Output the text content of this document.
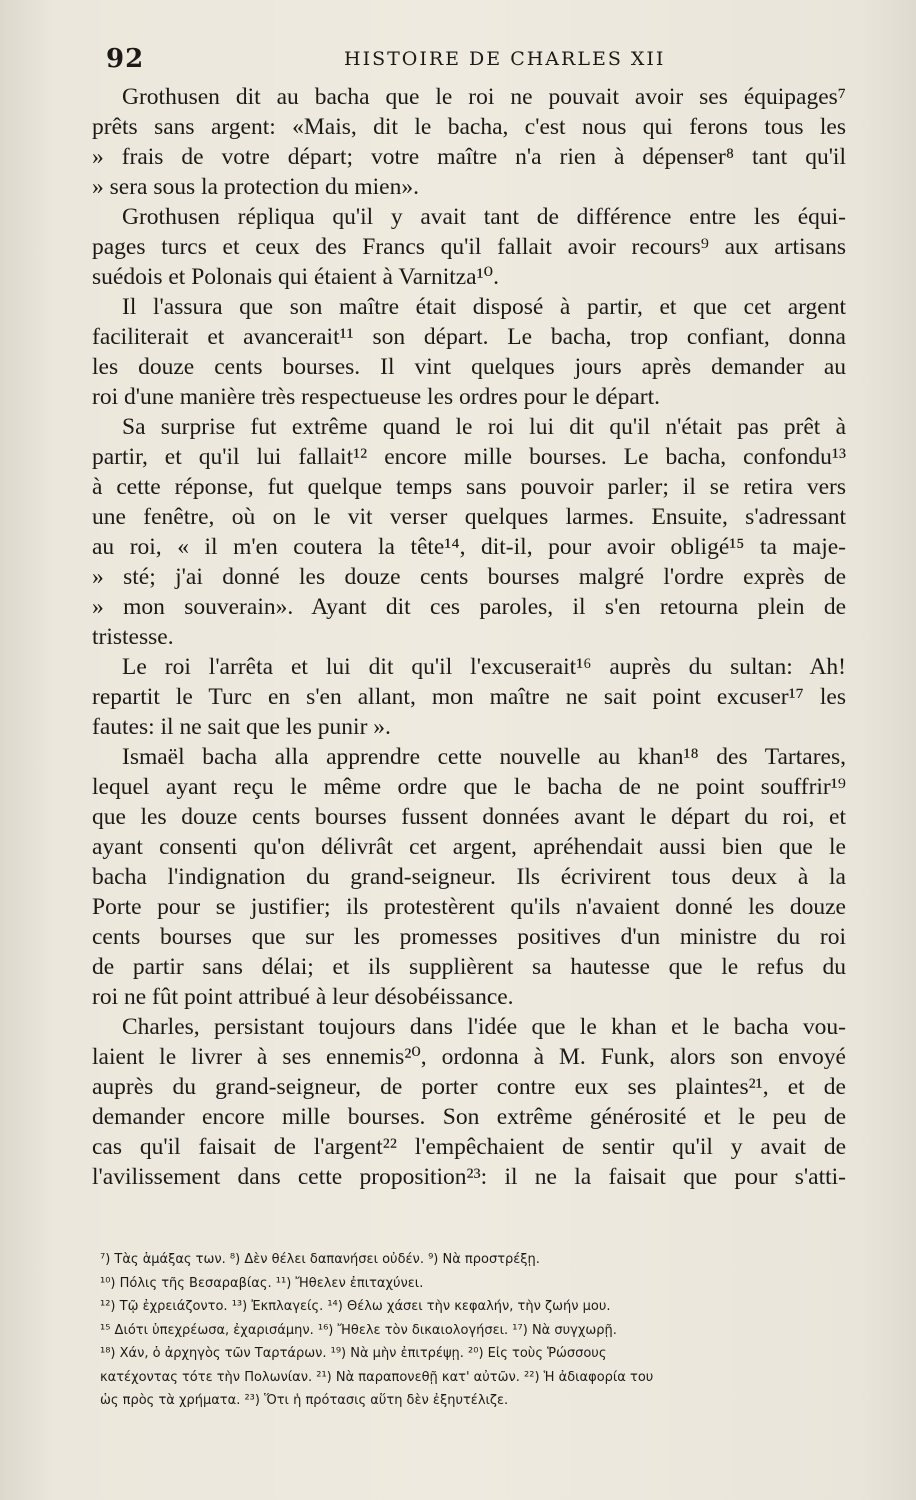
92	HISTOIRE DE CHARLES XII
Grothusen dit au bacha que le roi ne pouvait avoir ses équipages⁷
prêts sans argent: «Mais, dit le bacha, c'est nous qui ferons tous les
» frais de votre départ; votre maître n'a rien à dépenser⁸ tant qu'il
» sera sous la protection du mien».
Grothusen répliqua qu'il y avait tant de différence entre les équi-
pages turcs et ceux des Francs qu'il fallait avoir recours⁹ aux artisans
suédois et Polonais qui étaient à Varnitza¹⁰.
Il l'assura que son maître était disposé à partir, et que cet argent
faciliterait et avancerait¹¹ son départ. Le bacha, trop confiant, donna
les douze cents bourses. Il vint quelques jours après demander au
roi d'une manière très respectueuse les ordres pour le départ.
Sa surprise fut extrême quand le roi lui dit qu'il n'était pas prêt à
partir, et qu'il lui fallait¹² encore mille bourses. Le bacha, confondu¹³
à cette réponse, fut quelque temps sans pouvoir parler; il se retira vers
une fenêtre, où on le vit verser quelques larmes. Ensuite, s'adressant
au roi, « il m'en coutera la tête¹⁴, dit-il, pour avoir obligé¹⁵ ta maje-
» sté; j'ai donné les douze cents bourses malgré l'ordre exprès de
» mon souverain». Ayant dit ces paroles, il s'en retourna plein de
tristesse.
Le roi l'arrêta et lui dit qu'il l'excuserait¹⁶ auprès du sultan: Ah!
repartit le Turc en s'en allant, mon maître ne sait point excuser¹⁷ les
fautes: il ne sait que les punir ».
Ismaël bacha alla apprendre cette nouvelle au khan¹⁸ des Tartares,
lequel ayant reçu le même ordre que le bacha de ne point souffrir¹⁹
que les douze cents bourses fussent données avant le départ du roi, et
ayant consenti qu'on délivrât cet argent, apréhendait aussi bien que le
bacha l'indignation du grand-seigneur. Ils écrivirent tous deux à la
Porte pour se justifier; ils protestèrent qu'ils n'avaient donné les douze
cents bourses que sur les promesses positives d'un ministre du roi
de partir sans délai; et ils supplièrent sa hautesse que le refus du
roi ne fût point attribué à leur désobéissance.
Charles, persistant toujours dans l'idée que le khan et le bacha vou-
laient le livrer à ses ennemis²⁰, ordonna à M. Funk, alors son envoyé
auprès du grand-seigneur, de porter contre eux ses plaintes²¹, et de
demander encore mille bourses. Son extrême générosité et le peu de
cas qu'il faisait de l'argent²² l'empêchaient de sentir qu'il y avait de
l'avilissement dans cette proposition²³: il ne la faisait que pour s'atti-
⁷) Τὰς ἁμάξας των. ⁸) Δὲν θέλει δαπανήσει οὐδέν. ⁹) Νὰ προστρέξῃ.
¹⁰) Πόλις τῆς Βεσαραβίας. ¹¹) Ἤθελεν ἐπιταχύνει.
¹²) Τῷ ἐχρειάζοντο. ¹³) Ἐκπλαγείς. ¹⁴) Θέλω χάσει τὴν κεφαλήν, τὴν ζωήν μου.
¹⁵ Διότι ὑπεχρέωσα, ἐχαρισάμην. ¹⁶) Ἤθελε τὸν δικαιολογήσει. ¹⁷) Νὰ συγχωρῇ.
¹⁸) Χάν, ὁ ἀρχηγὸς τῶν Ταρτάρων. ¹⁹) Νὰ μὴν ἐπιτρέψῃ. ²⁰) Εἰς τοὺς Ῥώσσους
κατέχοντας τότε τὴν Πολωνίαν. ²¹) Νὰ παραπονεθῇ κατ' αὐτῶν. ²²) Ἡ ἀδιαφορία του
ὡς πρὸς τὰ χρήματα. ²³) Ὅτι ἡ πρότασις αὕτη δὲν ἐξηυτέλιζε.
